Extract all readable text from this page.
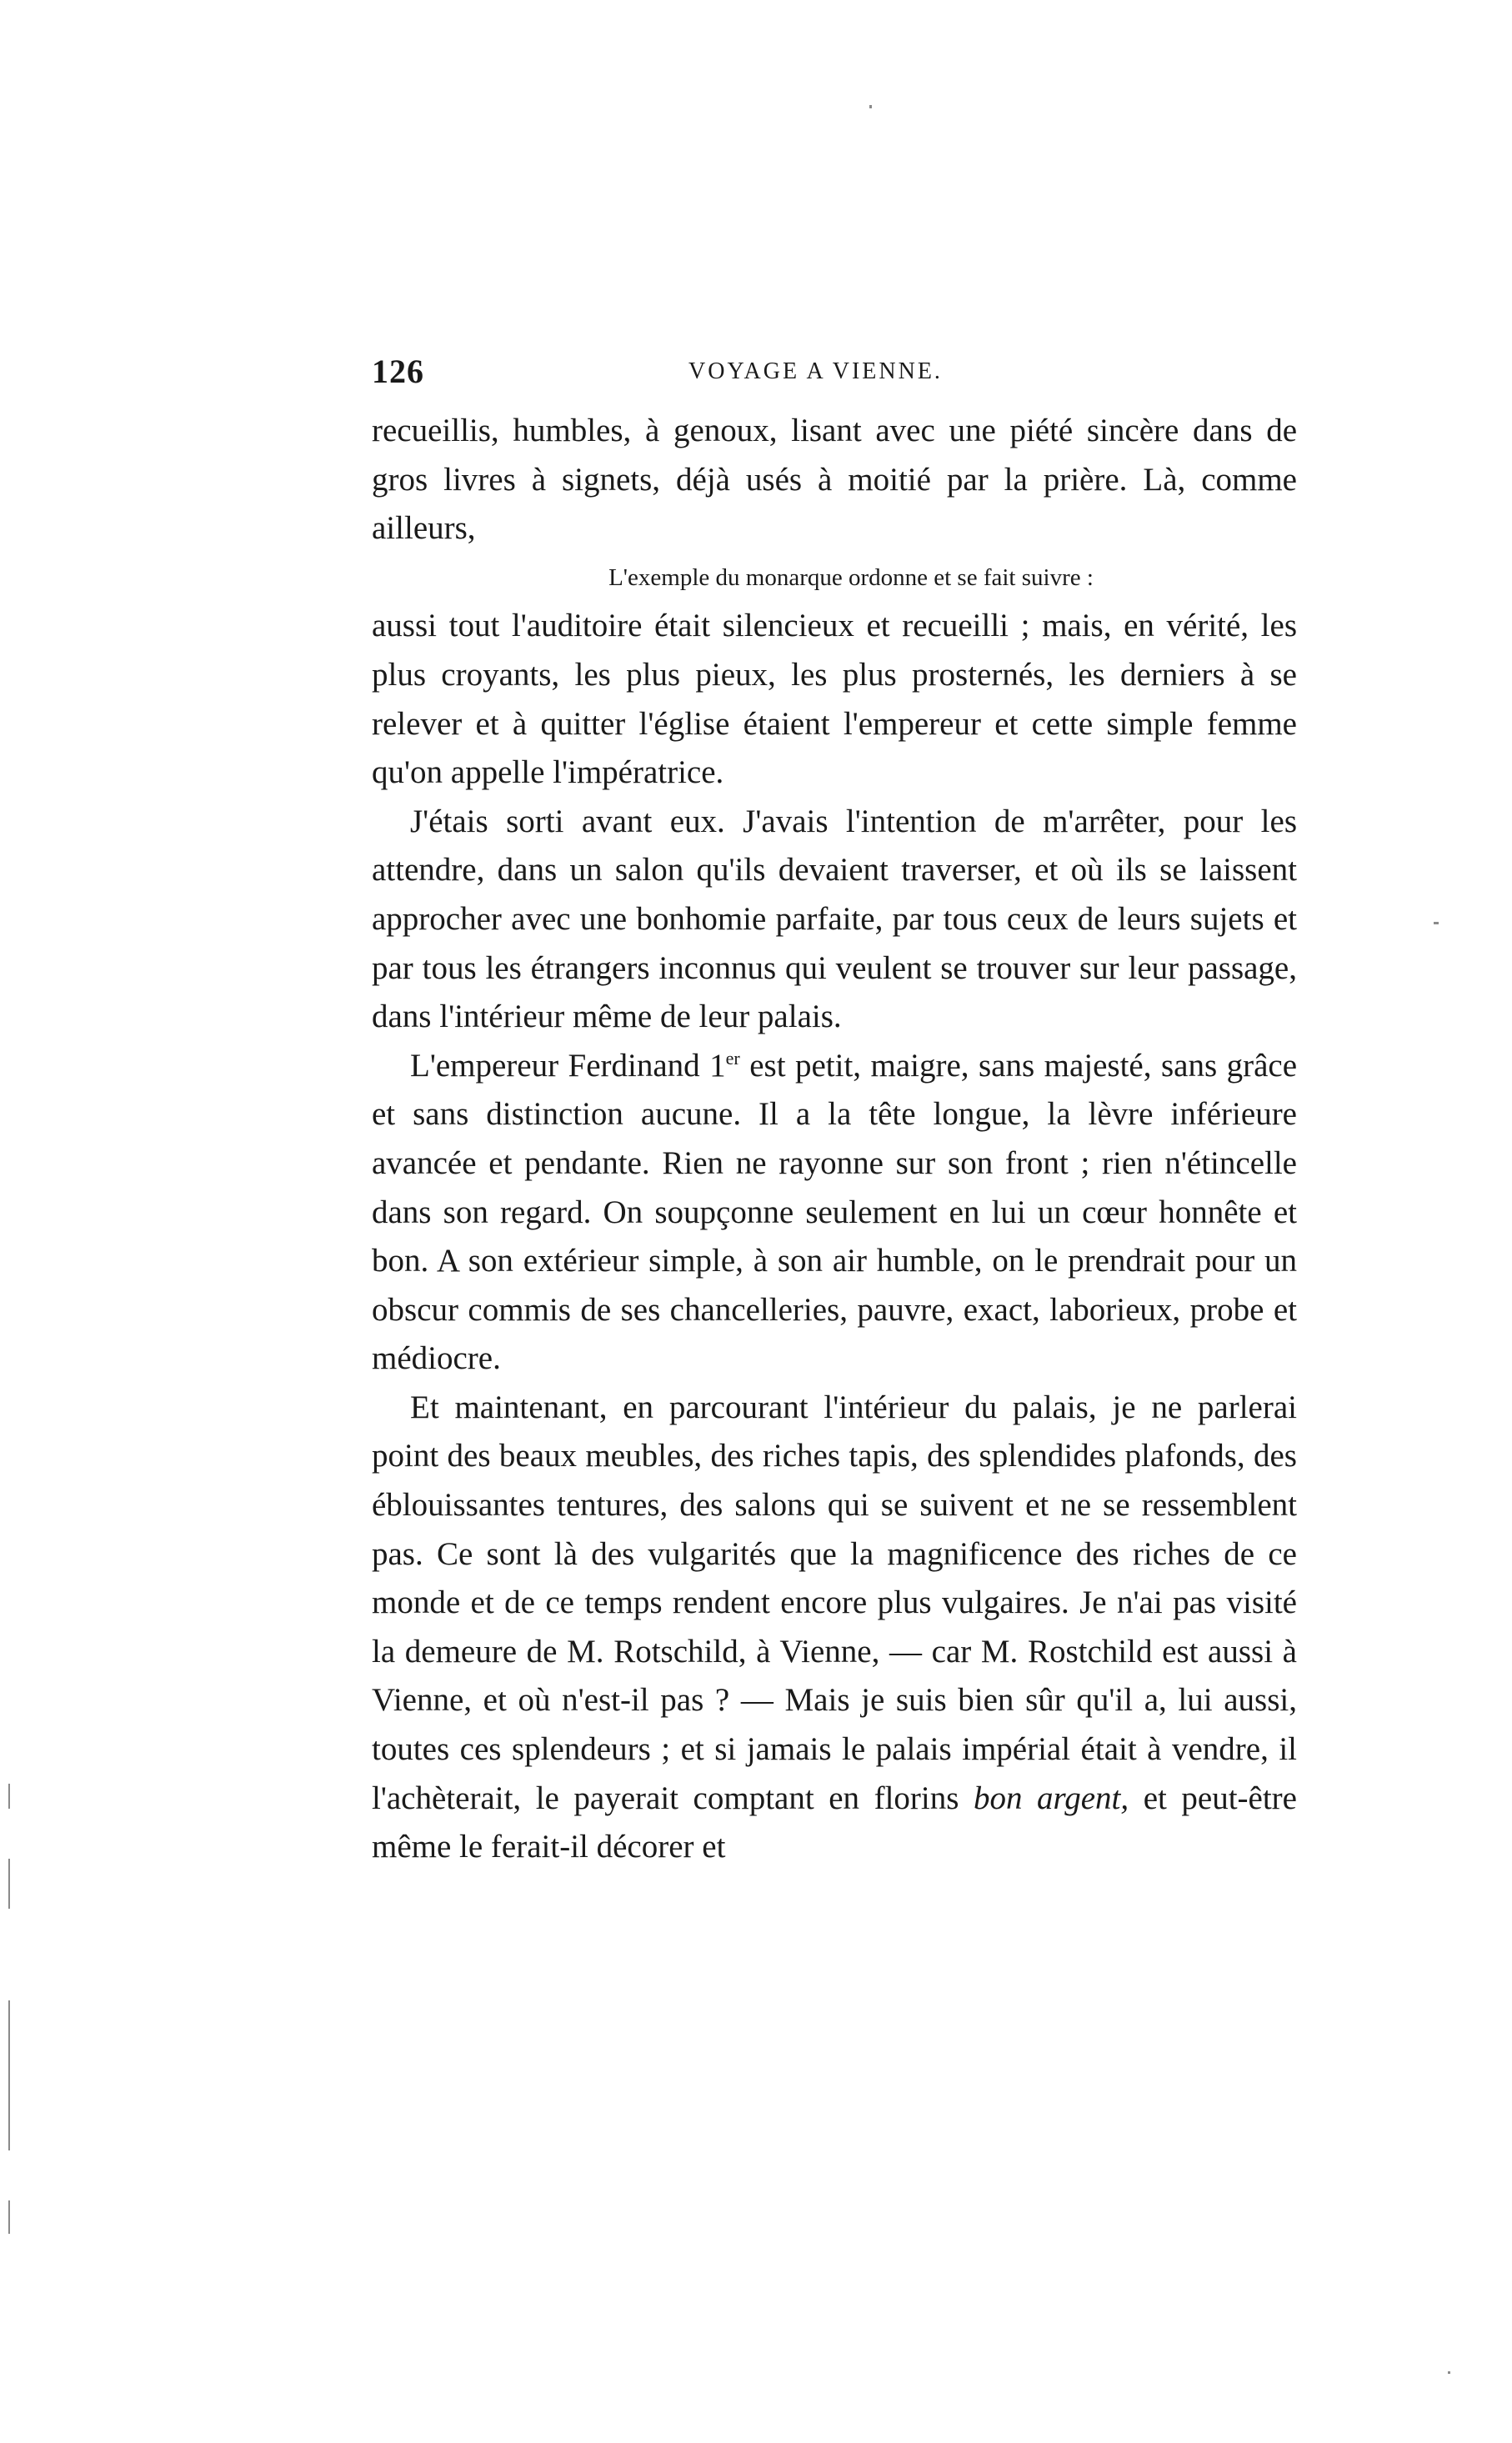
126	VOYAGE A VIENNE.

recueillis, humbles, à genoux, lisant avec une piété sincère dans de gros livres à signets, déjà usés à moitié par la prière. Là, comme ailleurs,

L'exemple du monarque ordonne et se fait suivre :

aussi tout l'auditoire était silencieux et recueilli ; mais, en vérité, les plus croyants, les plus pieux, les plus prosternés, les derniers à se relever et à quitter l'église étaient l'empereur et cette simple femme qu'on appelle l'impératrice.

J'étais sorti avant eux. J'avais l'intention de m'arrêter, pour les attendre, dans un salon qu'ils devaient traverser, et où ils se laissent approcher avec une bonhomie parfaite, par tous ceux de leurs sujets et par tous les étrangers inconnus qui veulent se trouver sur leur passage, dans l'intérieur même de leur palais.

L'empereur Ferdinand 1er est petit, maigre, sans majesté, sans grâce et sans distinction aucune. Il a la tête longue, la lèvre inférieure avancée et pendante. Rien ne rayonne sur son front ; rien n'étincelle dans son regard. On soupçonne seulement en lui un cœur honnête et bon. A son extérieur simple, à son air humble, on le prendrait pour un obscur commis de ses chancelleries, pauvre, exact, laborieux, probe et médiocre.

Et maintenant, en parcourant l'intérieur du palais, je ne parlerai point des beaux meubles, des riches tapis, des splendides plafonds, des éblouissantes tentures, des salons qui se suivent et ne se ressemblent pas. Ce sont là des vulgarités que la magnificence des riches de ce monde et de ce temps rendent encore plus vulgaires. Je n'ai pas visité la demeure de M. Rotschild, à Vienne, — car M. Rostchild est aussi à Vienne, et où n'est-il pas ? — Mais je suis bien sûr qu'il a, lui aussi, toutes ces splendeurs ; et si jamais le palais impérial était à vendre, il l'achèterait, le payerait comptant en florins bon argent, et peut-être même le ferait-il décorer et
